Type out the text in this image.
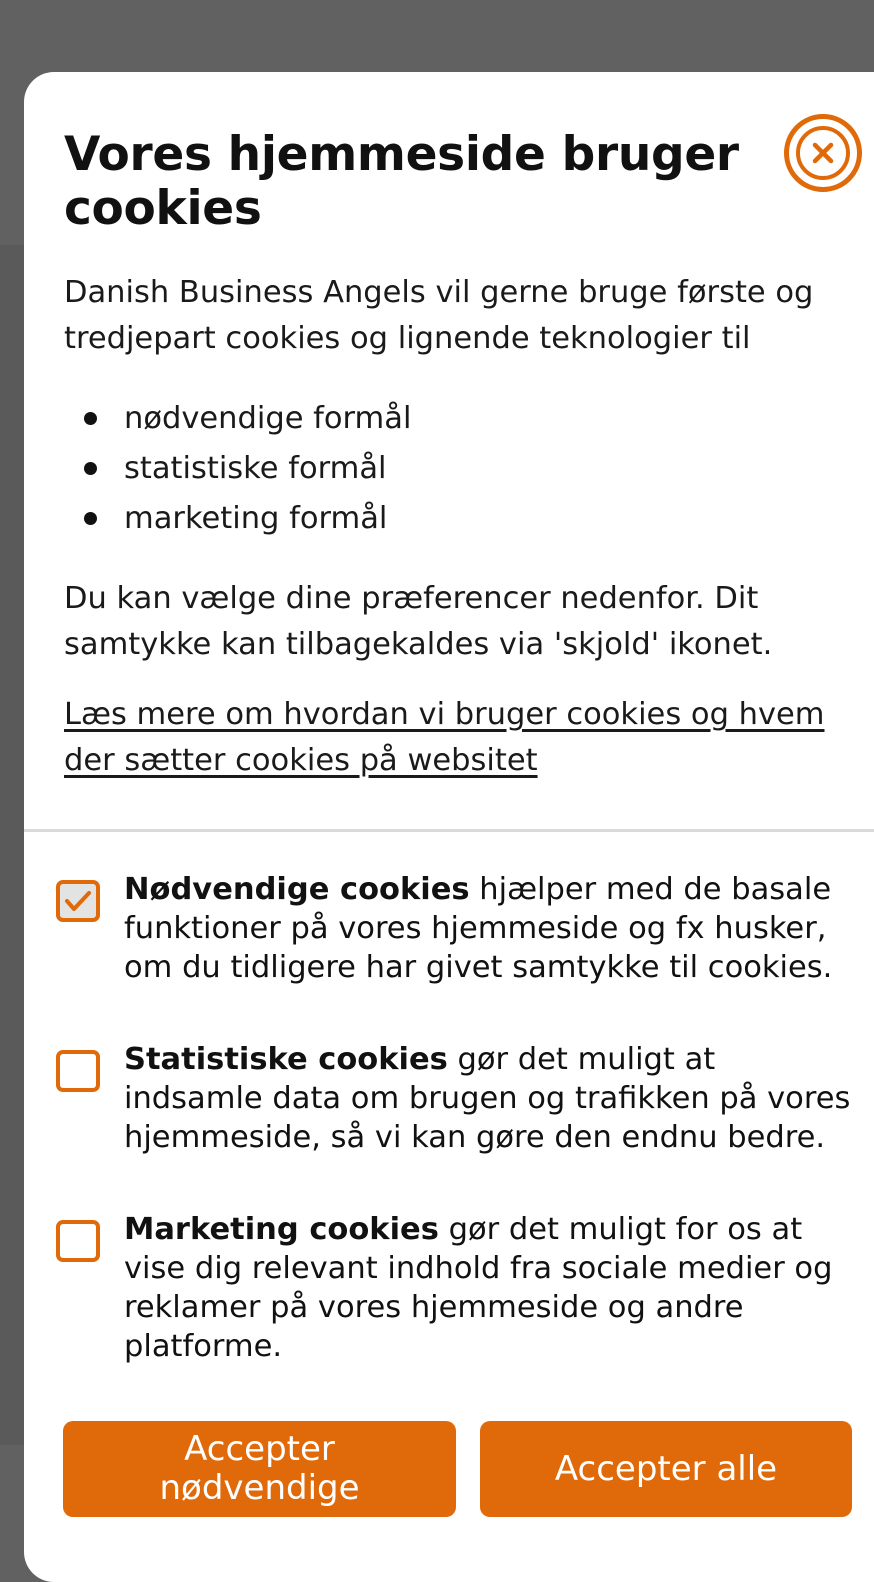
Vores hjemmeside bruger cookies

Danish Business Angels vil gerne bruge første og tredjepart cookies og lignende teknologier til

nødvendige formål
statistiske formål
marketing formål

Du kan vælge dine præferencer nedenfor. Dit samtykke kan tilbagekaldes via 'skjold' ikonet.

Læs mere om hvordan vi bruger cookies og hvem der sætter cookies på websitet

Nødvendige cookies hjælper med de basale funktioner på vores hjemmeside og fx husker, om du tidligere har givet samtykke til cookies.

Statistiske cookies gør det muligt at indsamle data om brugen og trafikken på vores hjemmeside, så vi kan gøre den endnu bedre.

Marketing cookies gør det muligt for os at vise dig relevant indhold fra sociale medier og reklamer på vores hjemmeside og andre platforme.

Accepter nødvendige	Accepter alle
